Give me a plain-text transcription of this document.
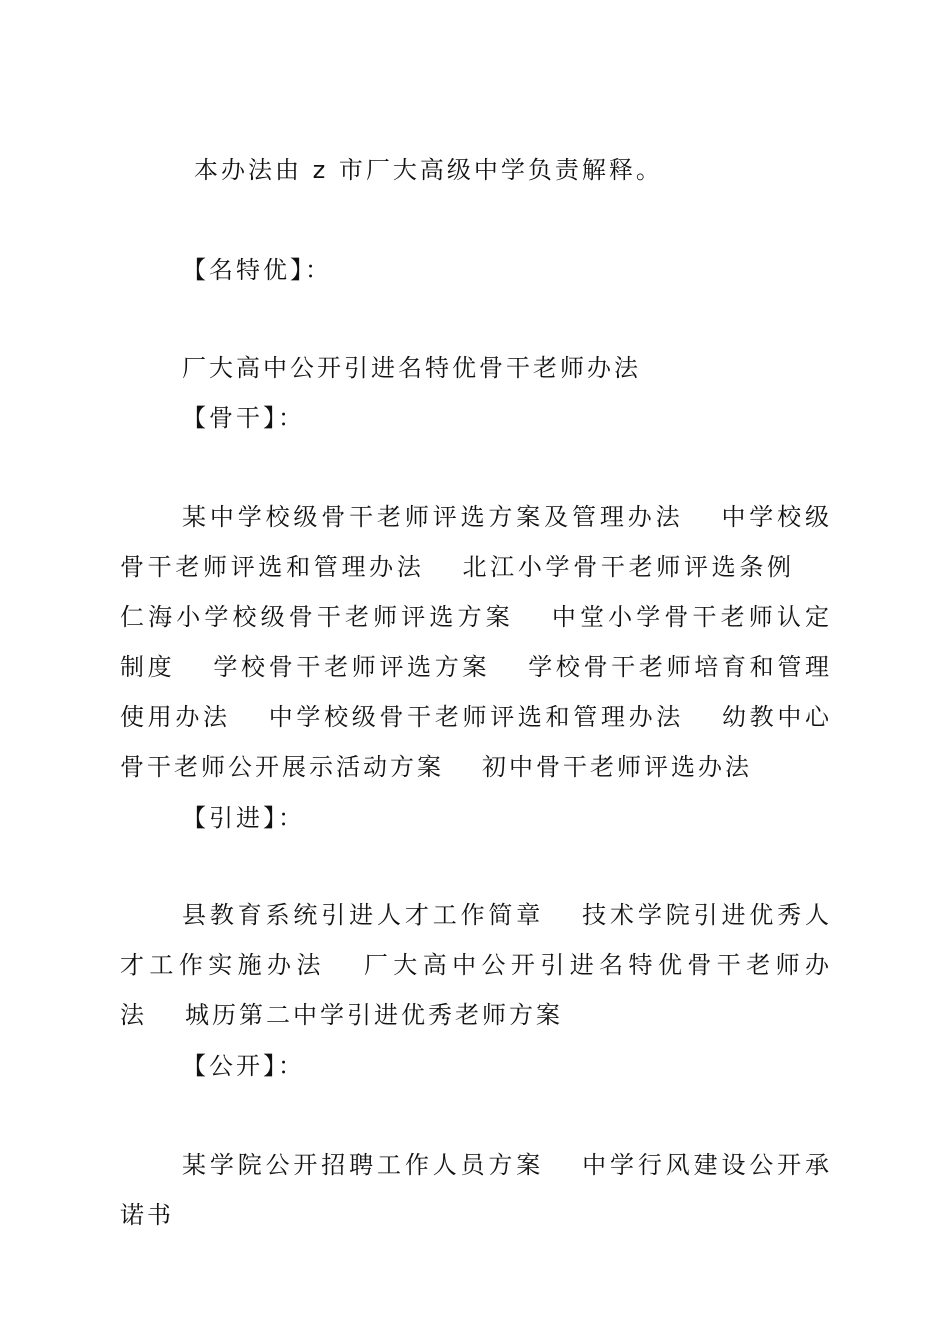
本办法由 z 市厂大高级中学负责解释。
【名特优】：
厂大高中公开引进名特优骨干老师办法
【骨干】：
某中学校级骨干老师评选方案及管理办法 中学校级骨干老师评选和管理办法 北江小学骨干老师评选条例仁海小学校级骨干老师评选方案 中堂小学骨干老师认定制度 学校骨干老师评选方案 学校骨干老师培育和管理使用办法 中学校级骨干老师评选和管理办法 幼教中心骨干老师公开展示活动方案 初中骨干老师评选办法
【引进】：
县教育系统引进人才工作简章 技术学院引进优秀人才工作实施办法 厂大高中公开引进名特优骨干老师办法 城历第二中学引进优秀老师方案
【公开】：
某学院公开招聘工作人员方案 中学行风建设公开承诺书
